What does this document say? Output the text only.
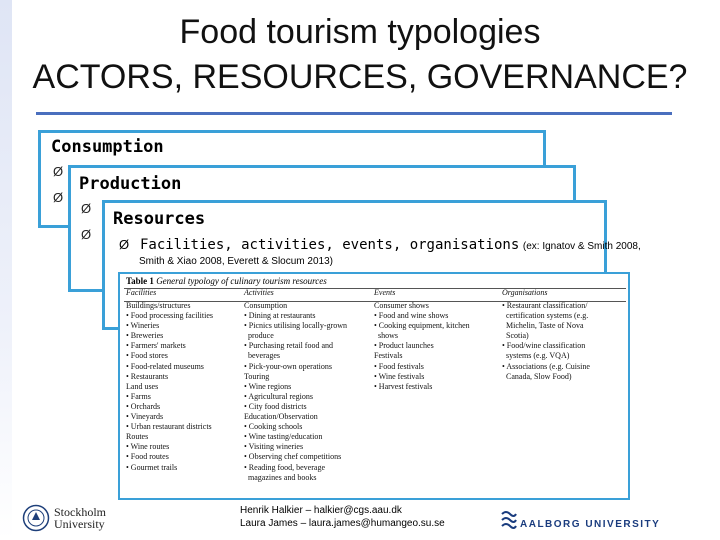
Food tourism typologies
ACTORS, RESOURCES, GOVERNANCE?
Consumption
Ø
Ø
Production
Ø
Ø
Resources
Ø Facilities, activities, events, organisations (ex: Ignatov & Smith 2008,
Smith & Xiao 2008, Everett & Slocum 2013)
Table 1 General typology of culinary tourism resources
Facilities
Buildings/structures
• Food processing facilities
• Wineries
• Breweries
• Farmers' markets
• Food stores
• Food-related museums
• Restaurants
Land uses
• Farms
• Orchards
• Vineyards
• Urban restaurant districts
Routes
• Wine routes
• Food routes
• Gourmet trails
Activities
Consumption
• Dining at restaurants
• Picnics utilising locally-grown
produce
• Purchasing retail food and
beverages
• Pick-your-own operations
Touring
• Wine regions
• Agricultural regions
• City food districts
Education/Observation
• Cooking schools
• Wine tasting/education
• Visiting wineries
• Observing chef competitions
• Reading food, beverage
magazines and books
Events
Consumer shows
• Food and wine shows
• Cooking equipment, kitchen
shows
• Product launches
Festivals
• Food festivals
• Wine festivals
• Harvest festivals
Organisations
• Restaurant classification/
certification systems (e.g.
Michelin, Taste of Nova
Scotia)
• Food/wine classification
systems (e.g. VQA)
• Associations (e.g. Cuisine
Canada, Slow Food)
Stockholm
University
Henrik Halkier – halkier@cgs.aau.dk
Laura James – laura.james@humangeo.su.se	AALBORG UNIVERSITY
